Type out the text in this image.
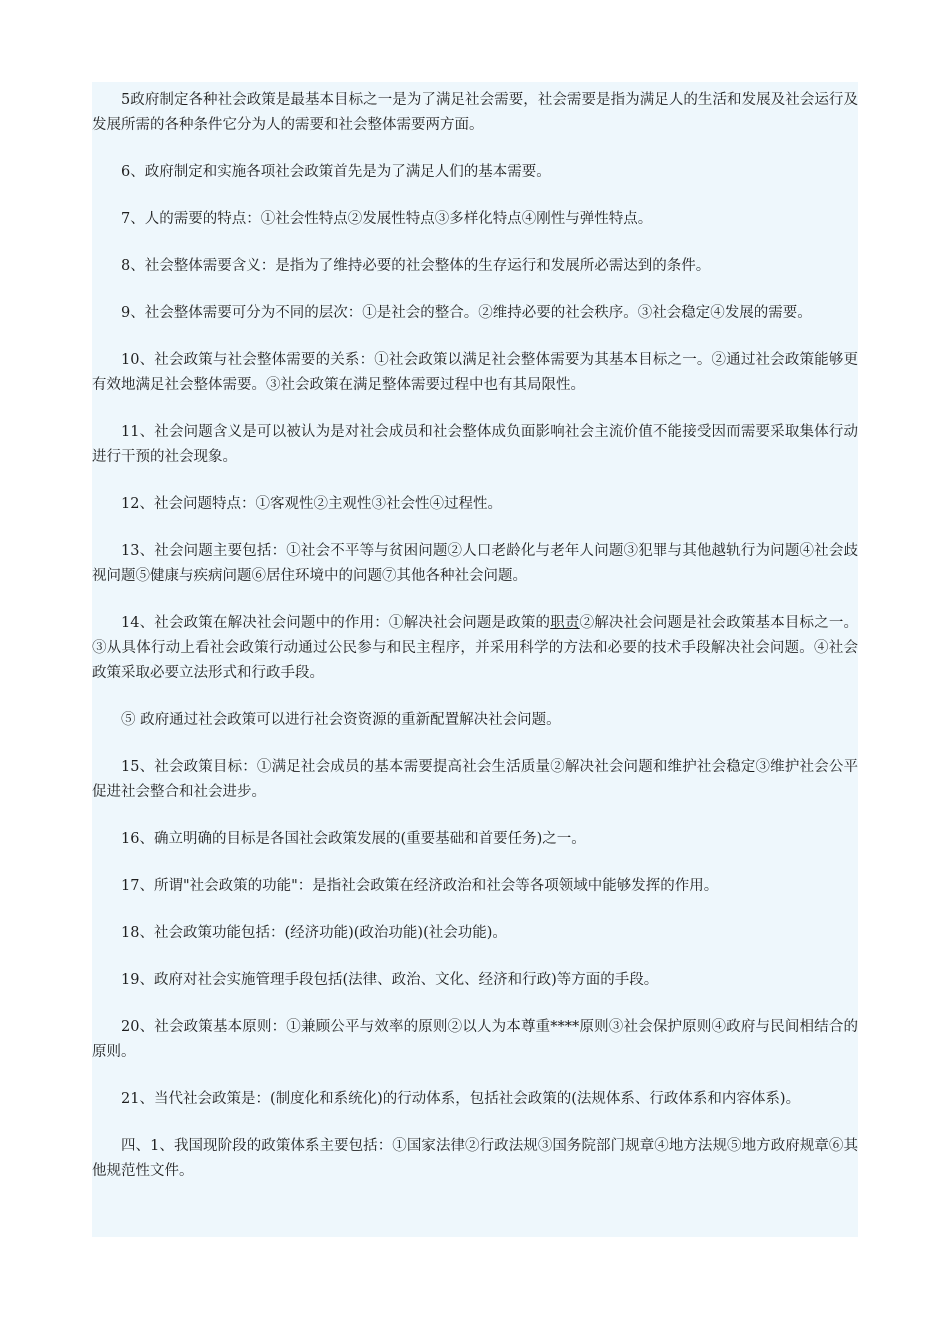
5政府制定各种社会政策是最基本目标之一是为了满足社会需要，社会需要是指为满足人的生活和发展及社会运行及发展所需的各种条件它分为人的需要和社会整体需要两方面。

6、政府制定和实施各项社会政策首先是为了满足人们的基本需要。

7、人的需要的特点：①社会性特点②发展性特点③多样化特点④刚性与弹性特点。

8、社会整体需要含义：是指为了维持必要的社会整体的生存运行和发展所必需达到的条件。

9、社会整体需要可分为不同的层次：①是社会的整合。②维持必要的社会秩序。③社会稳定④发展的需要。

10、社会政策与社会整体需要的关系：①社会政策以满足社会整体需要为其基本目标之一。②通过社会政策能够更有效地满足社会整体需要。③社会政策在满足整体需要过程中也有其局限性。

11、社会问题含义是可以被认为是对社会成员和社会整体成负面影响社会主流价值不能接受因而需要采取集体行动进行干预的社会现象。

12、社会问题特点：①客观性②主观性③社会性④过程性。

13、社会问题主要包括：①社会不平等与贫困问题②人口老龄化与老年人问题③犯罪与其他越轨行为问题④社会歧视问题⑤健康与疾病问题⑥居住环境中的问题⑦其他各种社会问题。

14、社会政策在解决社会问题中的作用：①解决社会问题是政策的职责②解决社会问题是社会政策基本目标之一。③从具体行动上看社会政策行动通过公民参与和民主程序，并采用科学的方法和必要的技术手段解决社会问题。④社会政策采取必要立法形式和行政手段。

⑤ 政府通过社会政策可以进行社会资资源的重新配置解决社会问题。

15、社会政策目标：①满足社会成员的基本需要提高社会生活质量②解决社会问题和维护社会稳定③维护社会公平促进社会整合和社会进步。

16、确立明确的目标是各国社会政策发展的(重要基础和首要任务)之一。

17、所谓"社会政策的功能"：是指社会政策在经济政治和社会等各项领域中能够发挥的作用。

18、社会政策功能包括：(经济功能)(政治功能)(社会功能)。

19、政府对社会实施管理手段包括(法律、政治、文化、经济和行政)等方面的手段。

20、社会政策基本原则：①兼顾公平与效率的原则②以人为本尊重****原则③社会保护原则④政府与民间相结合的原则。

21、当代社会政策是：(制度化和系统化)的行动体系，包括社会政策的(法规体系、行政体系和内容体系)。

四、1、我国现阶段的政策体系主要包括：①国家法律②行政法规③国务院部门规章④地方法规⑤地方政府规章⑥其他规范性文件。
